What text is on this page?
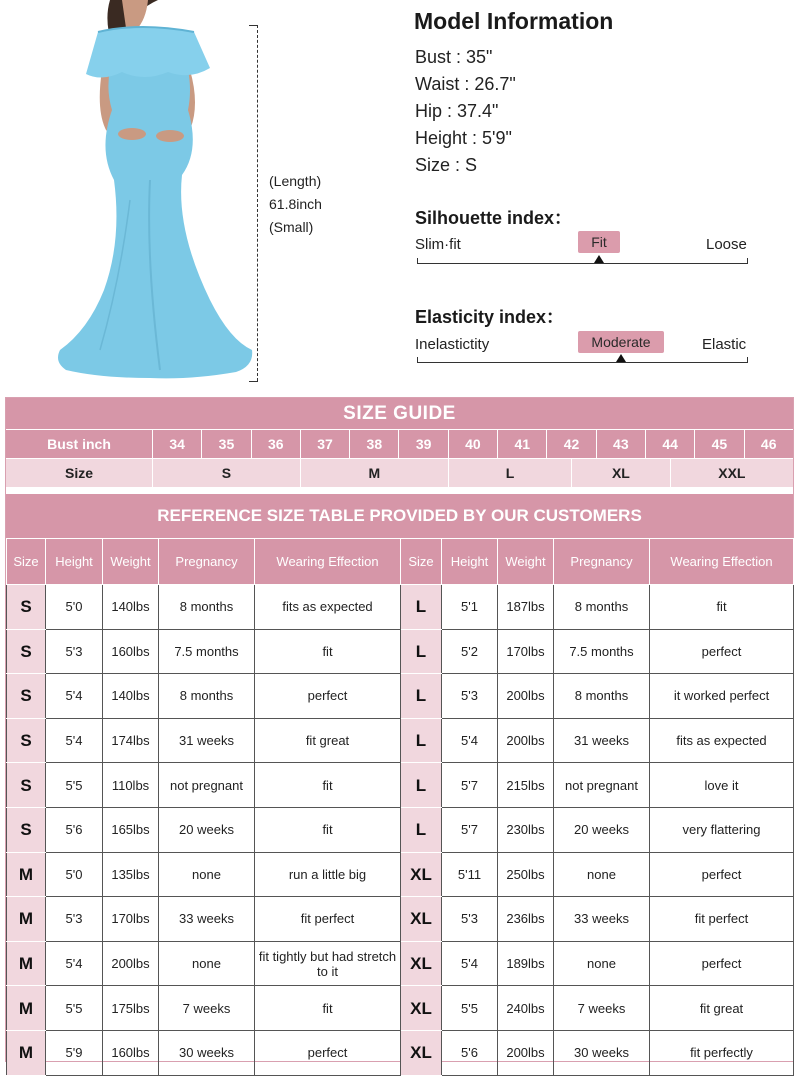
(Length)
61.8inch
(Small)
Model Information
Bust : 35"
Waist : 26.7"
Hip : 37.4"
Height : 5'9"
Size : S
Silhouette index：
Slim·fit	Fit	Loose
Elasticity index：
Inelastictity	Moderate	Elastic
SIZE GUIDE
Bust inch	34	35	36	37	38	39	40	41	42	43	44	45	46
Size	S	M	L	XL	XXL
REFERENCE SIZE TABLE PROVIDED BY OUR CUSTOMERS
Size	Height	Weight	Pregnancy	Wearing Effection	Size	Height	Weight	Pregnancy	Wearing Effection
S	5'0	140lbs	8 months	fits as expected	L	5'1	187lbs	8 months	fit
S	5'3	160lbs	7.5 months	fit	L	5'2	170lbs	7.5 months	perfect
S	5'4	140lbs	8 months	perfect	L	5'3	200lbs	8 months	it worked perfect
S	5'4	174lbs	31 weeks	fit great	L	5'4	200lbs	31 weeks	fits as expected
S	5'5	110lbs	not pregnant	fit	L	5'7	215lbs	not pregnant	love it
S	5'6	165lbs	20 weeks	fit	L	5'7	230lbs	20 weeks	very flattering
M	5'0	135lbs	none	run a little big	XL	5'11	250lbs	none	perfect
M	5'3	170lbs	33 weeks	fit perfect	XL	5'3	236lbs	33 weeks	fit perfect
M	5'4	200lbs	none	fit tightly but had stretch to it	XL	5'4	189lbs	none	perfect
M	5'5	175lbs	7 weeks	fit	XL	5'5	240lbs	7 weeks	fit great
M	5'9	160lbs	30 weeks	perfect	XL	5'6	200lbs	30 weeks	fit perfectly
